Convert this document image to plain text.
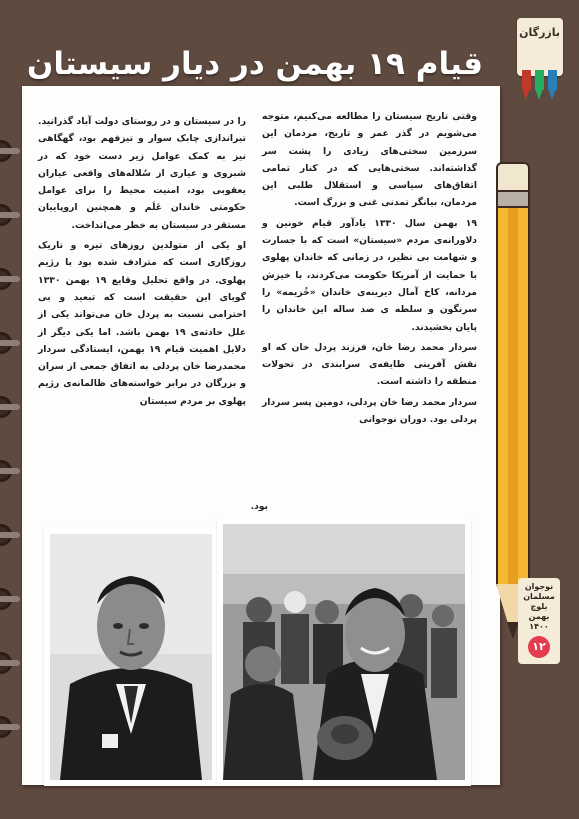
بازرگان
قیام ۱۹ بهمن در دیار سیستان

وقتی تاریخ سیستان را مطالعه می‌کنیم، متوجه می‌شویم در گذر عمر و تاریخ، مردمان این سرزمین سختی‌های زیادی را پشت سر گذاشته‌اند. سختی‌هایی که در کنار تمامی اتفاق‌های سیاسی و استقلال طلبی این مردمان، بیانگر تمدنی غنی و بزرگ است.

۱۹ بهمن سال ۱۳۳۰ یادآور قیام خونین و دلاورانه‌ی مردم «سیستان» است که با جسارت و شهامت بی نظیر، در زمانی که خاندان پهلوی با حمایت از آمریکا حکومت می‌کردند، با خیزش مردانه، کاخ آمال دیرینه‌ی خاندان «خُزیمه» را سرنگون و سلطه ی صد ساله این خاندان را پایان بخشیدند.

سردار محمد رضا خان، فرزند پردل خان که او نقش آفرینی طایفه‌ی سرابندی در تحولات منطقه را داشته است.

سردار محمد رضا خان پردلی، دومین پسر سردار پردلی بود. دوران نوجوانی

را در سیستان و در روستای دولت آباد گذرانید. تیراندازی چابک سوار و تیزفهم بود، گهگاهی نیز به کمک عوامل زیر دست خود که در شبروی و عیاری از سُلاله‌های واقعی عیاران یعقوبی بود، امنیت محیط را برای عوامل حکومتی خاندان عَلَم و همچنین اروپاییان مستقر در سیستان به خطر می‌انداخت.

او یکی از متولدین روزهای تیره و تاریک روزگاری است که مترادف شده بود با رژیم پهلوی. در واقع تحلیل وقایع ۱۹ بهمن ۱۳۳۰ گویای این حقیقت است که تبعید و بی احترامی نسبت به پردل خان می‌تواند یکی از علل حادثه‌ی ۱۹ بهمن باشد. اما یکی دیگر از دلایل اهمیت قیام ۱۹ بهمن، ایستادگی سردار محمدرضا خان پردلی به اتفاق جمعی از سران و بزرگان در برابر خواسته‌های ظالمانه‌ی رژیم پهلوی بر مردم سیستان

بود.
نوجوان
مسلمان
بلوچ
بهمن ۱۴۰۰
۱۲
